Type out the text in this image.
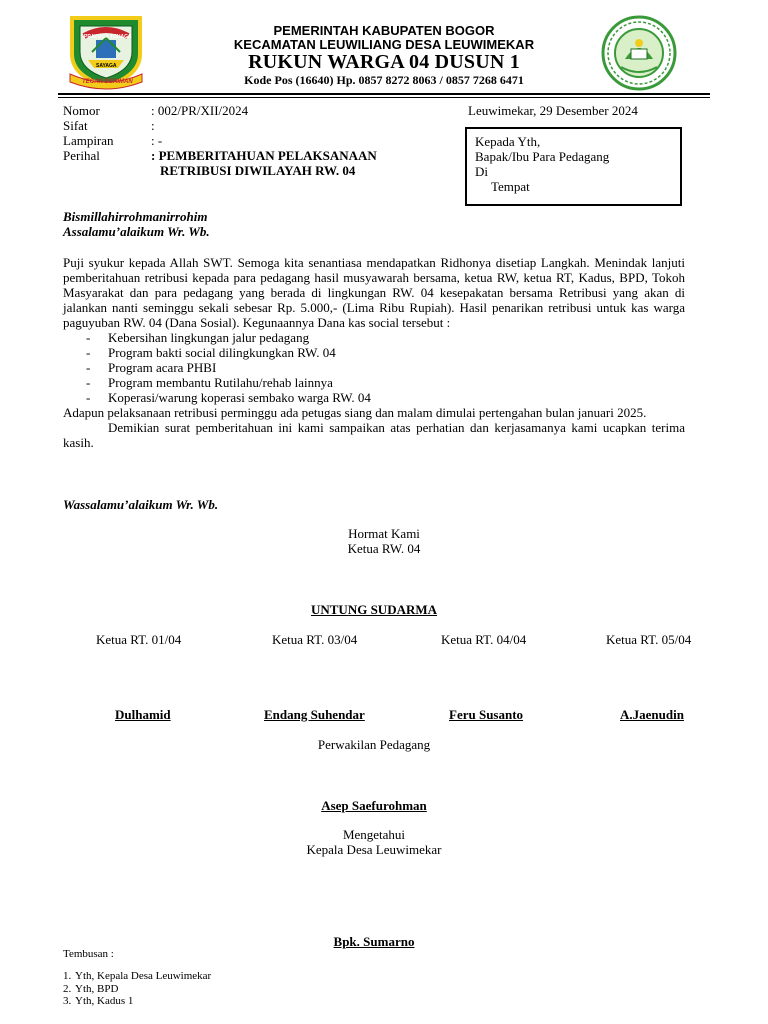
PRAYOGA TOHAGA
SAYAGA
TEGAR BERIMAN
PEMERINTAH KABUPATEN BOGOR
KECAMATAN LEUWILIANG DESA LEUWIMEKAR
RUKUN WARGA 04 DUSUN 1
Kode Pos (16640) Hp. 0857 8272 8063 / 0857 7268 6471
Nomor	: 002/PR/XII/2024
Sifat	:
Lampiran	: -
Perihal	: PEMBERITAHUAN PELAKSANAAN
RETRIBUSI DIWILAYAH RW. 04
Leuwimekar, 29 Desember 2024
Kepada Yth,
Bapak/Ibu Para Pedagang
Di
Tempat
Bismillahirrohmanirrohim
Assalamu’alaikum Wr. Wb.
Puji syukur kepada Allah SWT. Semoga kita senantiasa mendapatkan Ridhonya disetiap Langkah. Menindak lanjuti pemberitahuan retribusi kepada para pedagang hasil musyawarah bersama, ketua RW, ketua RT, Kadus, BPD, Tokoh Masyarakat dan para pedagang yang berada di lingkungan RW. 04 kesepakatan bersama Retribusi yang akan di jalankan nanti seminggu sekali sebesar Rp. 5.000,- (Lima Ribu Rupiah). Hasil penarikan retribusi untuk kas warga paguyuban RW. 04 (Dana Sosial). Kegunaannya Dana kas social tersebut :
- Kebersihan lingkungan jalur pedagang
- Program bakti social dilingkungkan RW. 04
- Program acara PHBI
- Program membantu Rutilahu/rehab lainnya
- Koperasi/warung koperasi sembako warga RW. 04
Adapun pelaksanaan retribusi perminggu ada petugas siang dan malam dimulai pertengahan bulan januari 2025.
Demikian surat pemberitahuan ini kami sampaikan atas perhatian dan kerjasamanya kami ucapkan terima kasih.
Wassalamu’alaikum Wr. Wb.
Hormat Kami
Ketua RW. 04
UNTUNG SUDARMA
Ketua RT. 01/04	Ketua RT. 03/04	Ketua RT. 04/04	Ketua RT. 05/04
Dulhamid	Endang Suhendar	Feru Susanto	A.Jaenudin
Perwakilan Pedagang
Asep Saefurohman
Mengetahui
Kepala Desa Leuwimekar
Bpk. Sumarno
Tembusan :
1. Yth, Kepala Desa Leuwimekar
2. Yth, BPD
3. Yth, Kadus 1
